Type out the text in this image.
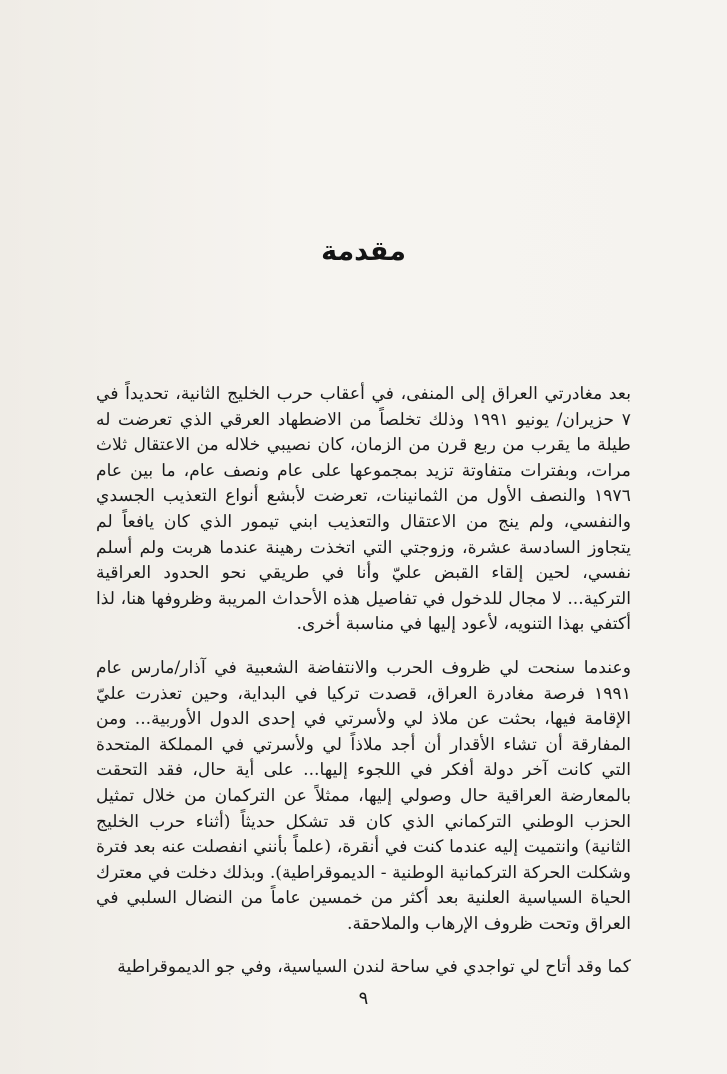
مقدمة

بعد مغادرتي العراق إلى المنفى، في أعقاب حرب الخليج الثانية، تحديداً في ٧ حزيران/ يونيو ١٩٩١ وذلك تخلصاً من الاضطهاد العرقي الذي تعرضت له طيلة ما يقرب من ربع قرن من الزمان، كان نصيبي خلاله من الاعتقال ثلاث مرات، وبفترات متفاوتة تزيد بمجموعها على عام ونصف عام، ما بين عام ١٩٧٦ والنصف الأول من الثمانينات، تعرضت لأبشع أنواع التعذيب الجسدي والنفسي، ولم ينج من الاعتقال والتعذيب ابني تيمور الذي كان يافعاً لم يتجاوز السادسة عشرة، وزوجتي التي اتخذت رهينة عندما هربت ولم أسلم نفسي، لحين إلقاء القبض عليّ وأنا في طريقي نحو الحدود العراقية التركية... لا مجال للدخول في تفاصيل هذه الأحداث المريبة وظروفها هنا، لذا أكتفي بهذا التنويه، لأعود إليها في مناسبة أخرى.

وعندما سنحت لي ظروف الحرب والانتفاضة الشعبية في آذار/مارس عام ١٩٩١ فرصة مغادرة العراق، قصدت تركيا في البداية، وحين تعذرت عليّ الإقامة فيها، بحثت عن ملاذ لي ولأسرتي في إحدى الدول الأوربية... ومن المفارقة أن تشاء الأقدار أن أجد ملاذاً لي ولأسرتي في المملكة المتحدة التي كانت آخر دولة أفكر في اللجوء إليها... على أية حال، فقد التحقت بالمعارضة العراقية حال وصولي إليها، ممثلاً عن التركمان من خلال تمثيل الحزب الوطني التركماني الذي كان قد تشكل حديثاً (أثناء حرب الخليج الثانية) وانتميت إليه عندما كنت في أنقرة، (علماً بأنني انفصلت عنه بعد فترة وشكلت الحركة التركمانية الوطنية - الديموقراطية). وبذلك دخلت في معترك الحياة السياسية العلنية بعد أكثر من خمسين عاماً من النضال السلبي في العراق وتحت ظروف الإرهاب والملاحقة.

كما وقد أتاح لي تواجدي في ساحة لندن السياسية، وفي جو الديموقراطية

٩
